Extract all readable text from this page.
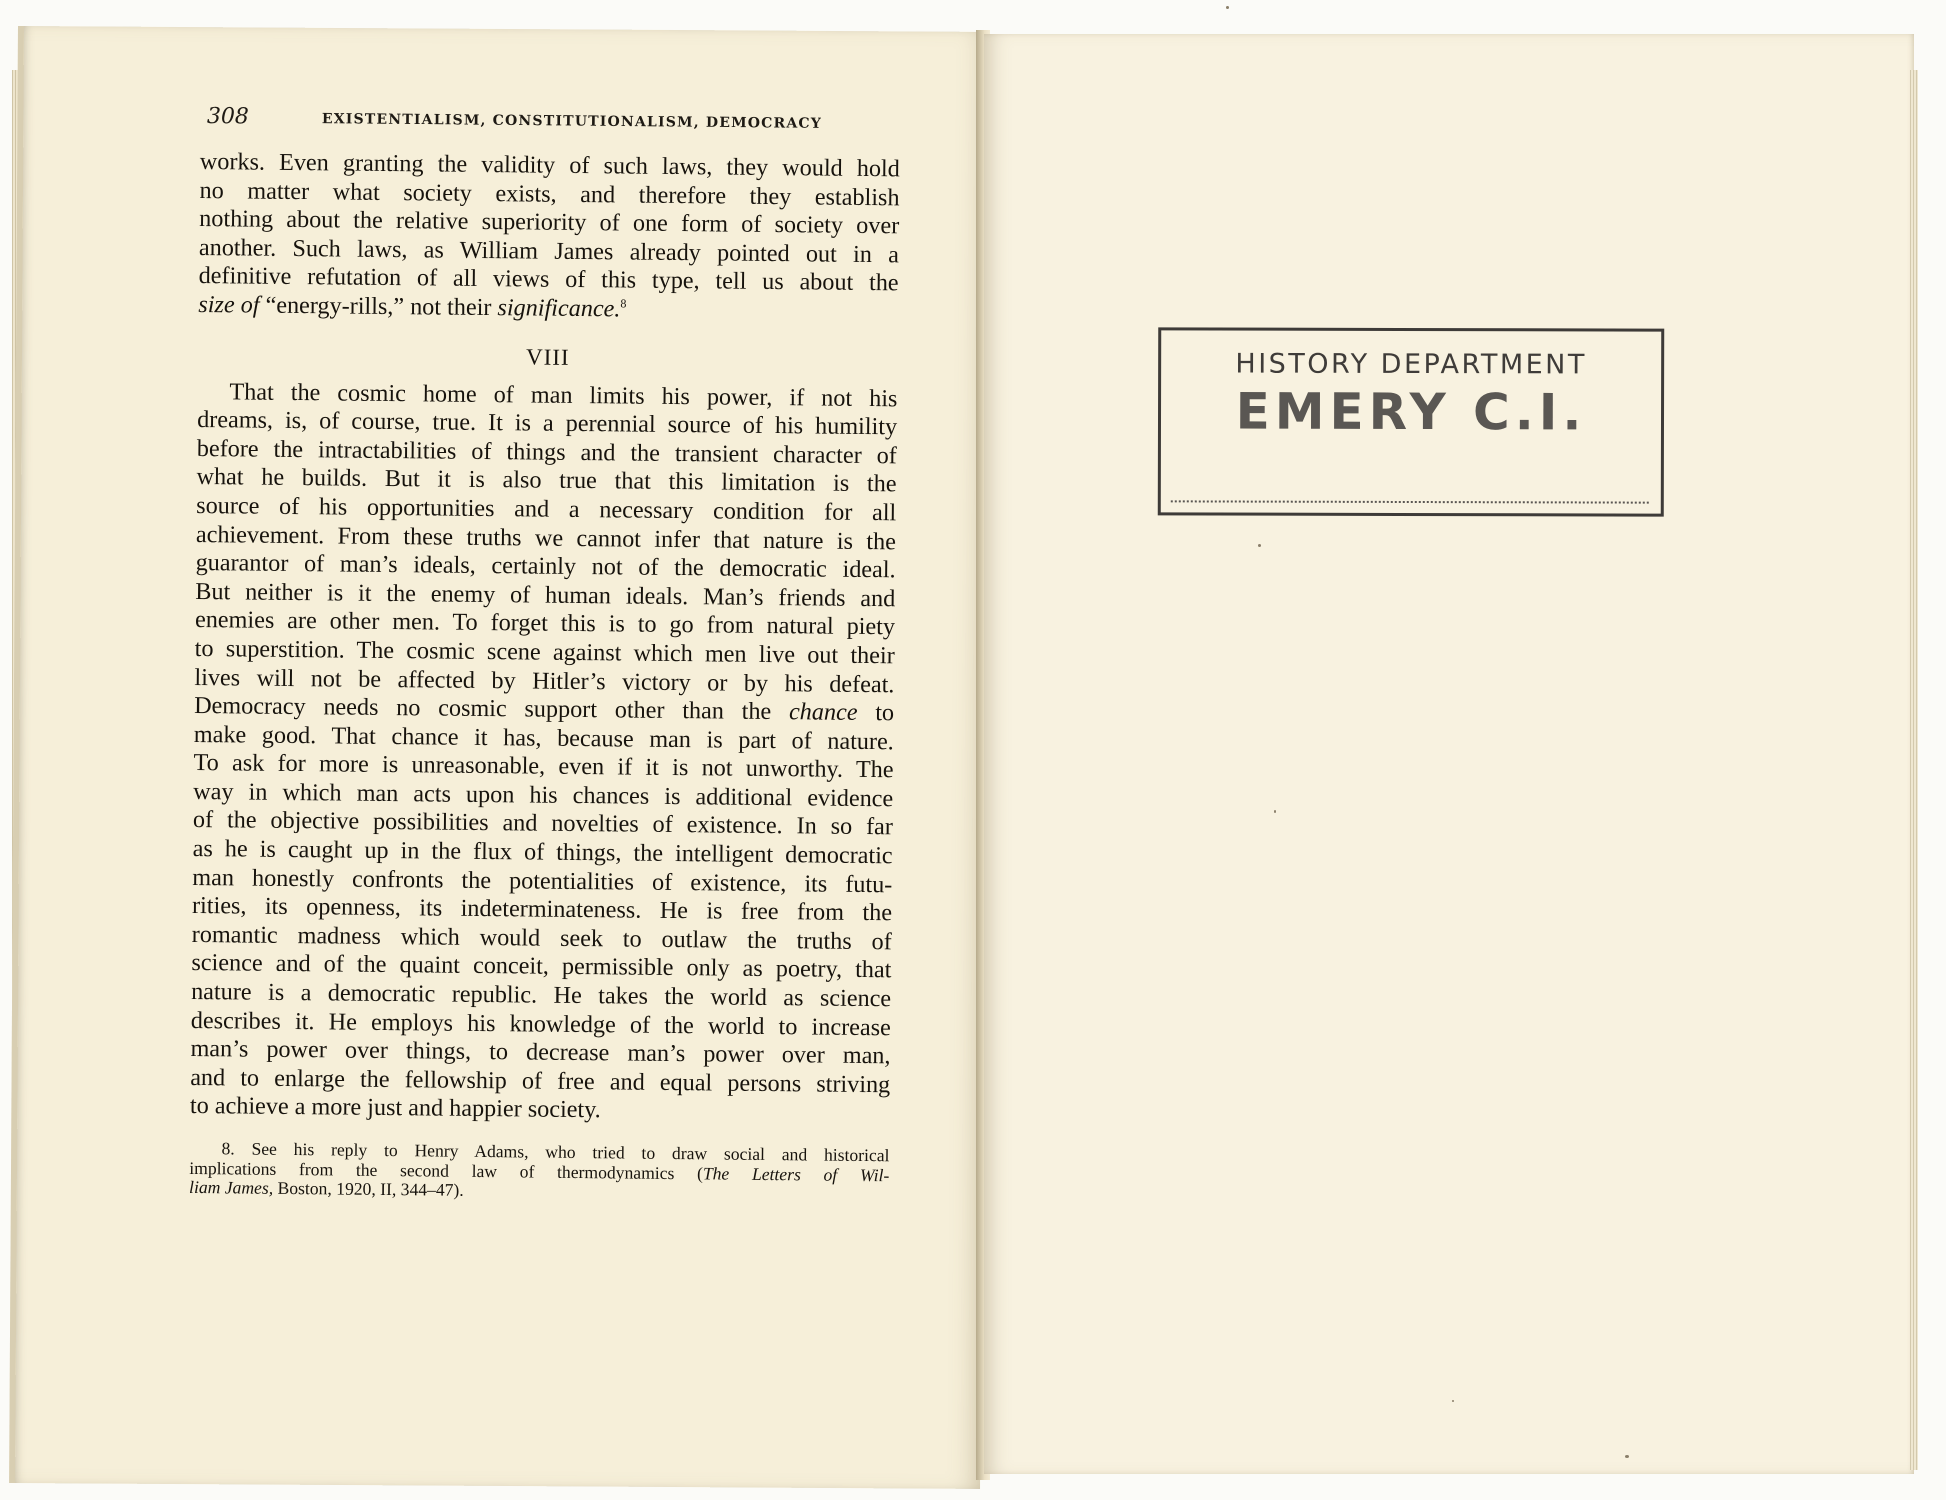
308	EXISTENTIALISM, CONSTITUTIONALISM, DEMOCRACY
works. Even granting the validity of such laws, they would hold
no matter what society exists, and therefore they establish
nothing about the relative superiority of one form of society over
another. Such laws, as William James already pointed out in a
definitive refutation of all views of this type, tell us about the
size of “energy-rills,” not their significance.$^8$
VIII
That the cosmic home of man limits his power, if not his
dreams, is, of course, true. It is a perennial source of his humility
before the intractabilities of things and the transient character of
what he builds. But it is also true that this limitation is the
source of his opportunities and a necessary condition for all
achievement. From these truths we cannot infer that nature is the
guarantor of man’s ideals, certainly not of the democratic ideal.
But neither is it the enemy of human ideals. Man’s friends and
enemies are other men. To forget this is to go from natural piety
to superstition. The cosmic scene against which men live out their
lives will not be affected by Hitler’s victory or by his defeat.
Democracy needs no cosmic support other than the chance to
make good. That chance it has, because man is part of nature.
To ask for more is unreasonable, even if it is not unworthy. The
way in which man acts upon his chances is additional evidence
of the objective possibilities and novelties of existence. In so far
as he is caught up in the flux of things, the intelligent democratic
man honestly confronts the potentialities of existence, its futu-
rities, its openness, its indeterminateness. He is free from the
romantic madness which would seek to outlaw the truths of
science and of the quaint conceit, permissible only as poetry, that
nature is a democratic republic. He takes the world as science
describes it. He employs his knowledge of the world to increase
man’s power over things, to decrease man’s power over man,
and to enlarge the fellowship of free and equal persons striving
to achieve a more just and happier society.
8. See his reply to Henry Adams, who tried to draw social and historical
implications from the second law of thermodynamics (The Letters of Wil-
liam James, Boston, 1920, II, 344–47).
HISTORY DEPARTMENT
EMERY C.I.
